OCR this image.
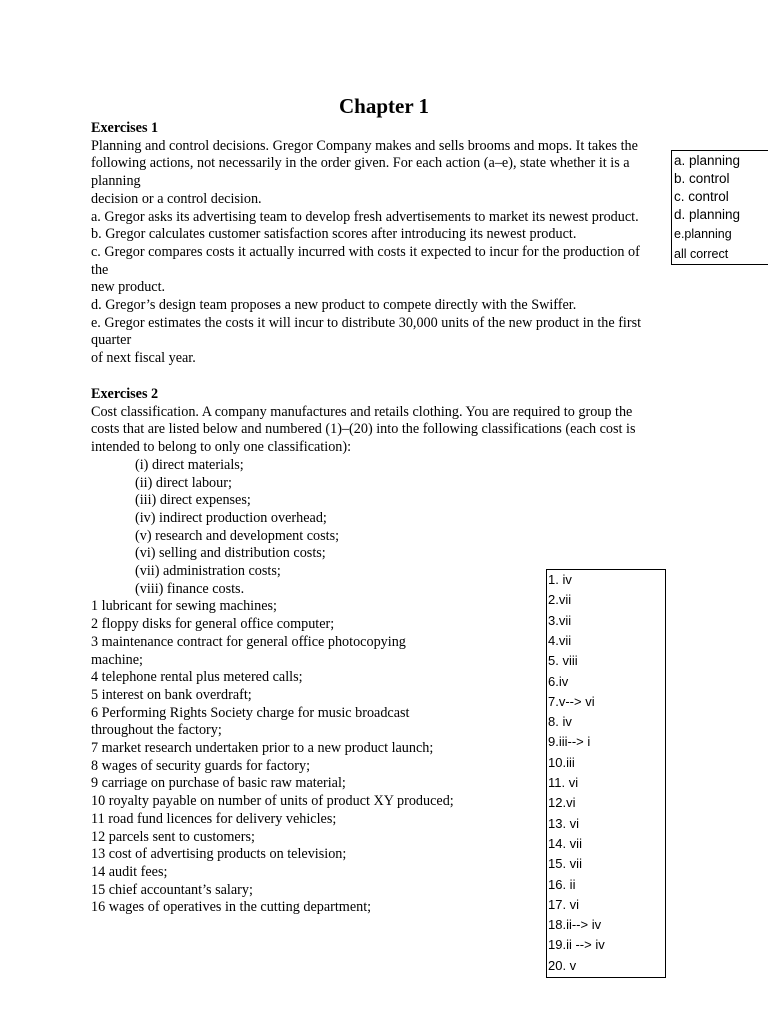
Chapter 1
Exercises 1
Planning and control decisions. Gregor Company makes and sells brooms and mops. It takes the
following actions, not necessarily in the order given. For each action (a–e), state whether it is a
planning
decision or a control decision.
a. Gregor asks its advertising team to develop fresh advertisements to market its newest product.
b. Gregor calculates customer satisfaction scores after introducing its newest product.
c. Gregor compares costs it actually incurred with costs it expected to incur for the production of
the
new product.
d. Gregor’s design team proposes a new product to compete directly with the Swiffer.
e. Gregor estimates the costs it will incur to distribute 30,000 units of the new product in the first
quarter
of next fiscal year.
a. planning
b. control
c. control
d. planning
e.planning
all correct
Exercises 2
Cost classification. A company manufactures and retails clothing. You are required to group the
costs that are listed below and numbered (1)–(20) into the following classifications (each cost is
intended to belong to only one classification):
(i) direct materials;
(ii) direct labour;
(iii) direct expenses;
(iv) indirect production overhead;
(v) research and development costs;
(vi) selling and distribution costs;
(vii) administration costs;
(viii) finance costs.
1 lubricant for sewing machines;
2 floppy disks for general office computer;
3 maintenance contract for general office photocopying
machine;
4 telephone rental plus metered calls;
5 interest on bank overdraft;
6 Performing Rights Society charge for music broadcast
throughout the factory;
7 market research undertaken prior to a new product launch;
8 wages of security guards for factory;
9 carriage on purchase of basic raw material;
10 royalty payable on number of units of product XY produced;
11 road fund licences for delivery vehicles;
12 parcels sent to customers;
13 cost of advertising products on television;
14 audit fees;
15 chief accountant’s salary;
16 wages of operatives in the cutting department;
1. iv
2.vii
3.vii
4.vii
5. viii
6.iv
7.v--> vi
8. iv
9.iii--> i
10.iii
11. vi
12.vi
13. vi
14. vii
15. vii
16. ii
17. vi
18.ii--> iv
19.ii --> iv
20. v
